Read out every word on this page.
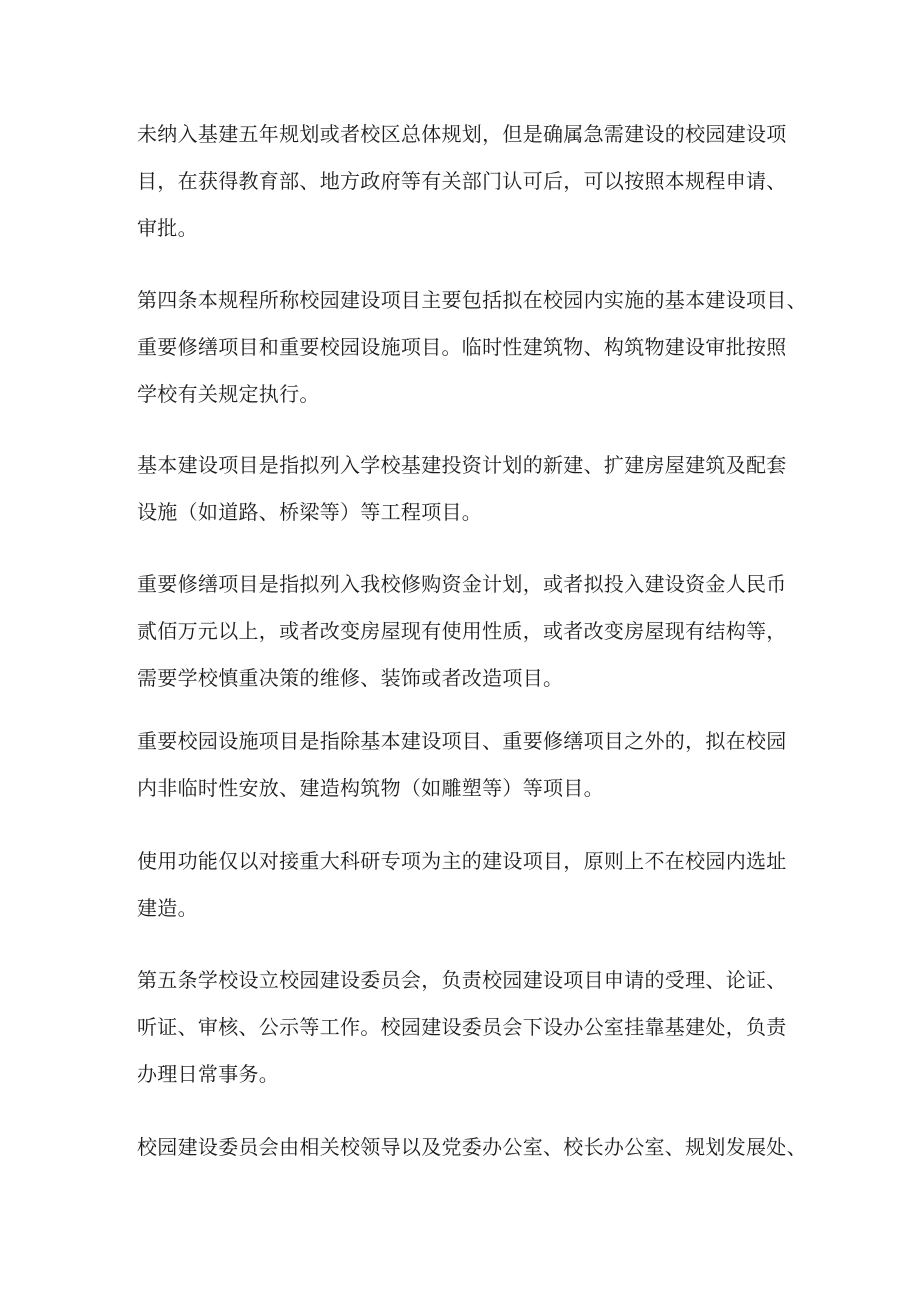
未纳入基建五年规划或者校区总体规划，但是确属急需建设的校园建设项
目，在获得教育部、地方政府等有关部门认可后，可以按照本规程申请、
审批。

第四条本规程所称校园建设项目主要包括拟在校园内实施的基本建设项目、
重要修缮项目和重要校园设施项目。临时性建筑物、构筑物建设审批按照
学校有关规定执行。

基本建设项目是指拟列入学校基建投资计划的新建、扩建房屋建筑及配套
设施（如道路、桥梁等）等工程项目。

重要修缮项目是指拟列入我校修购资金计划，或者拟投入建设资金人民币
贰佰万元以上，或者改变房屋现有使用性质，或者改变房屋现有结构等，
需要学校慎重决策的维修、装饰或者改造项目。

重要校园设施项目是指除基本建设项目、重要修缮项目之外的，拟在校园
内非临时性安放、建造构筑物（如雕塑等）等项目。

使用功能仅以对接重大科研专项为主的建设项目，原则上不在校园内选址
建造。

第五条学校设立校园建设委员会，负责校园建设项目申请的受理、论证、
听证、审核、公示等工作。校园建设委员会下设办公室挂靠基建处，负责
办理日常事务。

校园建设委员会由相关校领导以及党委办公室、校长办公室、规划发展处、
